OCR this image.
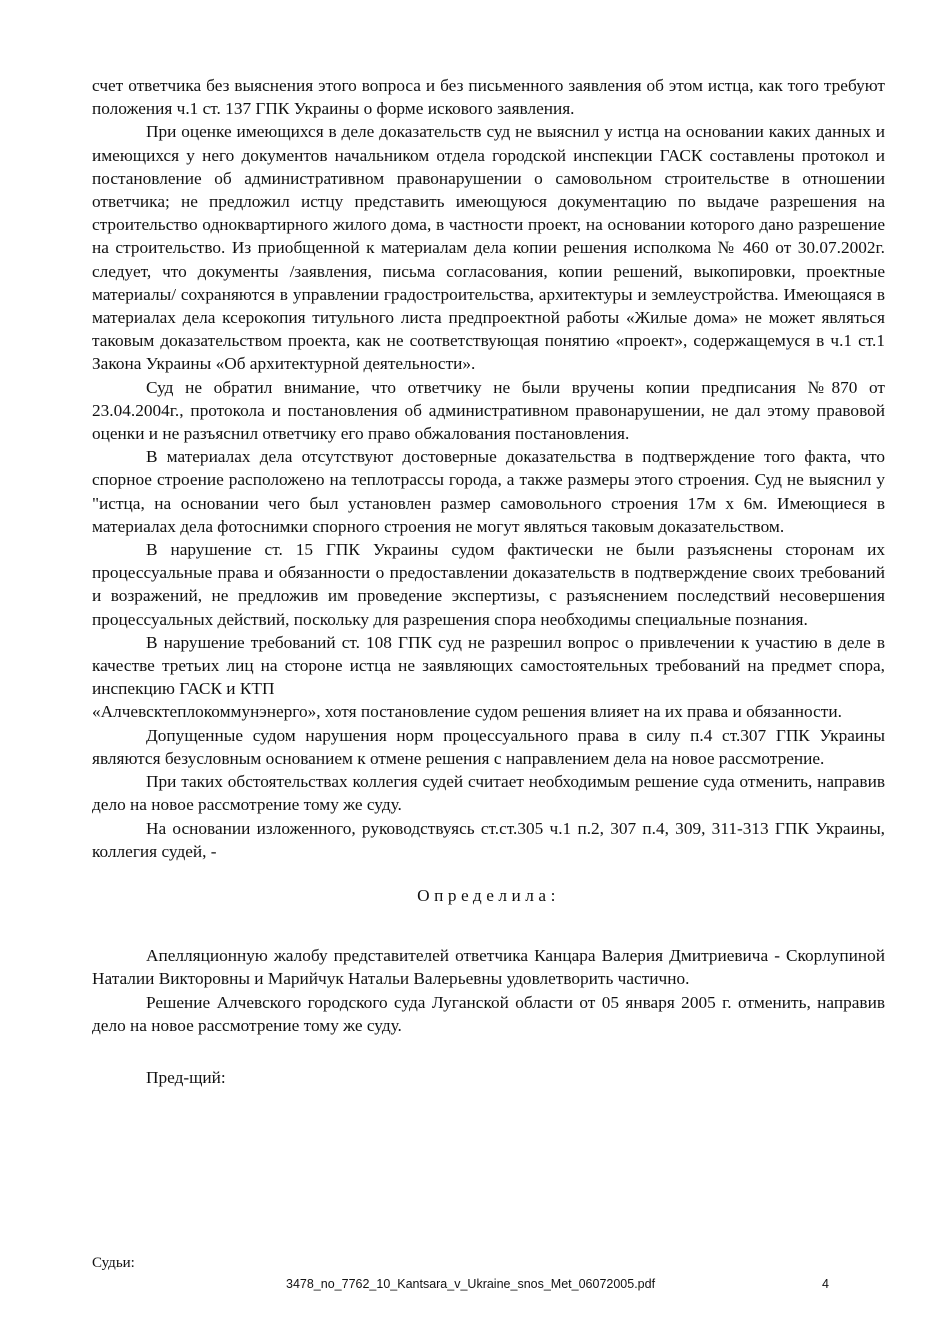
счет ответчика без выяснения этого вопроса и без письменного заявления об этом истца, как того требуют положения ч.1 ст. 137 ГПК Украины о форме искового заявления.

При оценке имеющихся в деле доказательств суд не выяснил у истца на основании каких данных и имеющихся у него документов начальником отдела городской инспекции ГАСК составлены протокол и постановление об административном правонарушении о самовольном строительстве в отношении ответчика; не предложил истцу представить имеющуюся документацию по выдаче разрешения на строительство одноквартирного жилого дома, в частности проект, на основании которого дано разрешение на строительство. Из приобщенной к материалам дела копии решения исполкома № 460 от 30.07.2002г. следует, что документы /заявления, письма согласования, копии решений, выкопировки, проектные материалы/ сохраняются в управлении градостроительства, архитектуры и землеустройства. Имеющаяся в материалах дела ксерокопия титульного листа предпроектной работы «Жилые дома» не может являться таковым доказательством проекта, как не соответствующая понятию «проект», содержащемуся в ч.1 ст.1 Закона Украины «Об архитектурной деятельности».

Суд не обратил внимание, что ответчику не были вручены копии предписания №870 от 23.04.2004г., протокола и постановления об административном правонарушении, не дал этому правовой оценки и не разъяснил ответчику его право обжалования постановления.

В материалах дела отсутствуют достоверные доказательства в подтверждение того факта, что спорное строение расположено на теплотрассы города, а также размеры этого строения. Суд не выяснил у "истца, на основании чего был установлен размер самовольного строения 17м х 6м. Имеющиеся в материалах дела фотоснимки спорного строения не могут являться таковым доказательством.

В нарушение ст. 15 ГПК Украины судом фактически не были разъяснены сторонам их процессуальные права и обязанности о предоставлении доказательств в подтверждение своих требований и возражений, не предложив им проведение экспертизы, с разъяснением последствий несовершения процессуальных действий, поскольку для разрешения спора необходимы специальные познания.

В нарушение требований ст. 108 ГПК суд не разрешил вопрос о привлечении к участию в деле в качестве третьих лиц на стороне истца не заявляющих самостоятельных требований на предмет спора, инспекцию ГАСК и КТП

«Алчевсктеплокоммунэнерго», хотя постановление судом решения влияет на их права и обязанности.

Допущенные судом нарушения норм процессуального права в силу п.4 ст.307 ГПК Украины являются безусловным основанием к отмене решения с направлением дела на новое рассмотрение.

При таких обстоятельствах коллегия судей считает необходимым решение суда отменить, направив дело на новое рассмотрение тому же суду.

На основании изложенного, руководствуясь ст.ст.305 ч.1 п.2, 307 п.4, 309, 311-313 ГПК Украины, коллегия судей, -

Определила:

Апелляционную жалобу представителей ответчика Канцара Валерия Дмитриевича - Скорлупиной Наталии Викторовны и Марийчук Натальи Валерьевны удовлетворить частично.

Решение Алчевского городского суда Луганской области от 05 января 2005 г. отменить, направив дело на новое рассмотрение тому же суду.

Пред-щий:

Судьи:
3478_no_7762_10_Kantsara_v_Ukraine_snos_Met_06072005.pdf	4
